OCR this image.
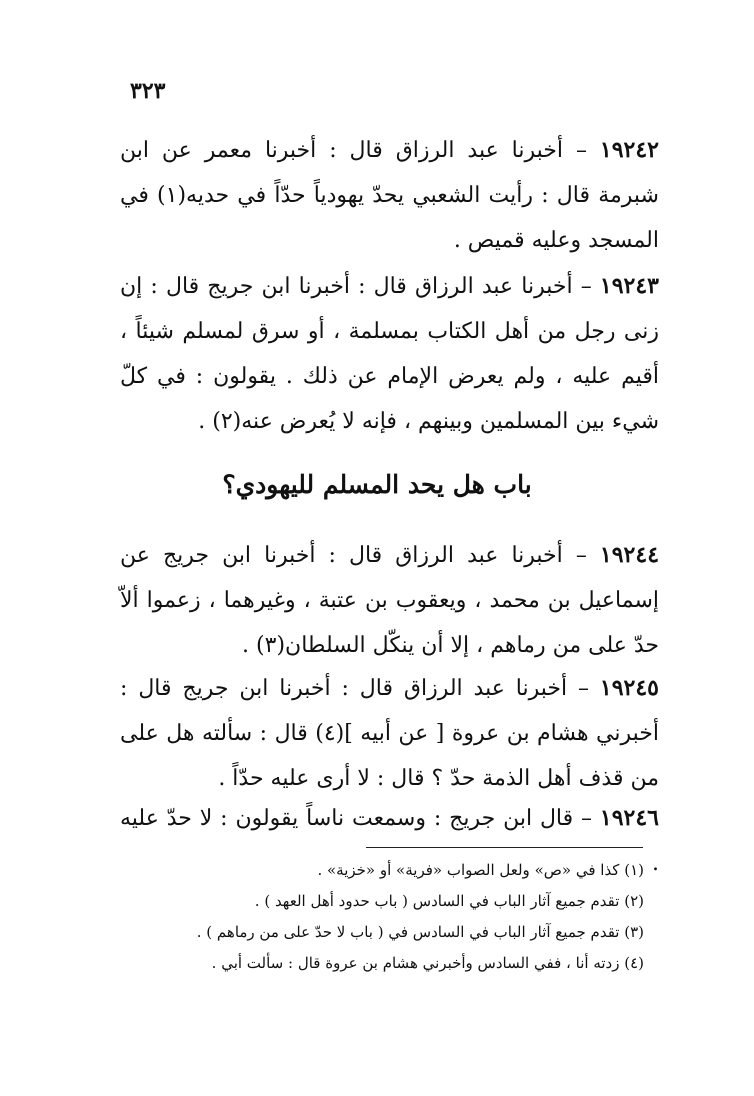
٣٢٣
١٩٢٤٢ – أخبرنا عبد الرزاق قال : أخبرنا معمر عن ابن شبرمة قال : رأيت الشعبي يحدّ يهودياً حدّاً في حديه(١) في المسجد وعليه قميص .
١٩٢٤٣ – أخبرنا عبد الرزاق قال : أخبرنا ابن جريج قال : إن زنى رجل من أهل الكتاب بمسلمة ، أو سرق لمسلم شيئاً ، أقيم عليه ، ولم يعرض الإمام عن ذلك . يقولون : في كلّ شيء بين المسلمين وبينهم ، فإنه لا يُعرض عنه(٢) .
باب هل يحد المسلم لليهودي؟
١٩٢٤٤ – أخبرنا عبد الرزاق قال : أخبرنا ابن جريج عن إسماعيل بن محمد ، ويعقوب بن عتبة ، وغيرهما ، زعموا ألاّ حدّ على من رماهم ، إلا أن ينكّل السلطان(٣) .
١٩٢٤٥ – أخبرنا عبد الرزاق قال : أخبرنا ابن جريج قال : أخبرني هشام بن عروة [ عن أبيه ](٤) قال : سألته هل على من قذف أهل الذمة حدّ ؟ قال : لا أرى عليه حدّاً .
١٩٢٤٦ – قال ابن جريج : وسمعت ناساً يقولون : لا حدّ عليه .
(١) كذا في «ص» ولعل الصواب «فرية» أو «خزية» .
(٢) تقدم جميع آثار الباب في السادس ( باب حدود أهل العهد ) .
(٣) تقدم جميع آثار الباب في السادس في ( باب لا حدّ على من رماهم ) .
(٤) زدته أنا ، ففي السادس وأخبرني هشام بن عروة قال : سألت أبي .
